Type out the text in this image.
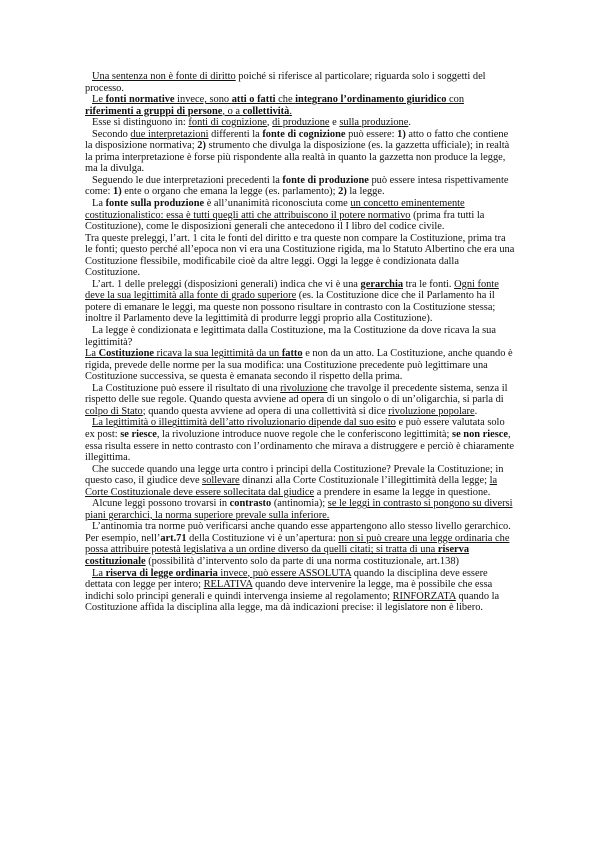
Una sentenza non è fonte di diritto poiché si riferisce al particolare; riguarda solo i soggetti del processo.

Le fonti normative invece, sono atti o fatti che integrano l’ordinamento giuridico con riferimenti a gruppi di persone, o a collettività.

Esse si distinguono in: fonti di cognizione, di produzione e sulla produzione.

Secondo due interpretazioni differenti la fonte di cognizione può essere: 1) atto o fatto che contiene la disposizione normativa; 2) strumento che divulga la disposizione (es. la gazzetta ufficiale); in realtà la prima interpretazione è forse più rispondente alla realtà in quanto la gazzetta non produce la legge, ma la divulga.

Seguendo le due interpretazioni precedenti la fonte di produzione può essere intesa rispettivamente come: 1) ente o organo che emana la legge (es. parlamento); 2) la legge.

La fonte sulla produzione è all’unanimità riconosciuta come un concetto eminentemente costituzionalistico: essa è tutti quegli atti che attribuiscono il potere normativo (prima fra tutti la Costituzione), come le disposizioni generali che antecedono il I libro del codice civile.

Tra queste preleggi, l’art. 1 cita le fonti del diritto e tra queste non compare la Costituzione, prima tra le fonti; questo perché all’epoca non vi era una Costituzione rigida, ma lo Statuto Albertino che era una Costituzione flessibile, modificabile cioè da altre leggi. Oggi la legge è condizionata dalla Costituzione.

L’art. 1 delle preleggi (disposizioni generali) indica che vi è una gerarchia tra le fonti. Ogni fonte deve la sua legittimità alla fonte di grado superiore (es. la Costituzione dice che il Parlamento ha il potere di emanare le leggi, ma queste non possono risultare in contrasto con la Costituzione stessa; inoltre il Parlamento deve la legittimità di produrre leggi proprio alla Costituzione).

La legge è condizionata e legittimata dalla Costituzione, ma la Costituzione da dove ricava la sua legittimità?

La Costituzione ricava la sua legittimità da un fatto e non da un atto. La Costituzione, anche quando è rigida, prevede delle norme per la sua modifica: una Costituzione precedente può legittimare una Costituzione successiva, se questa è emanata secondo il rispetto della prima.

La Costituzione può essere il risultato di una rivoluzione che travolge il precedente sistema, senza il rispetto delle sue regole. Quando questa avviene ad opera di un singolo o di un’oligarchia, si parla di colpo di Stato; quando questa avviene ad opera di una collettività si dice rivoluzione popolare.

La legittimità o illegittimità dell’atto rivoluzionario dipende dal suo esito e può essere valutata solo ex post: se riesce, la rivoluzione introduce nuove regole che le conferiscono legittimità; se non riesce, essa risulta essere in netto contrasto con l’ordinamento che mirava a distruggere e perciò è chiaramente illegittima.

Che succede quando una legge urta contro i principi della Costituzione? Prevale la Costituzione; in questo caso, il giudice deve sollevare dinanzi alla Corte Costituzionale l’illegittimità della legge; la Corte Costituzionale deve essere sollecitata dal giudice a prendere in esame la legge in questione.

Alcune leggi possono trovarsi in contrasto (antinomia); se le leggi in contrasto si pongono su diversi piani gerarchici, la norma superiore prevale sulla inferiore.

L’antinomia tra norme può verificarsi anche quando esse appartengono allo stesso livello gerarchico.

Per esempio, nell’art.71 della Costituzione vi è un’apertura: non si può creare una legge ordinaria che possa attribuire potestà legislativa a un ordine diverso da quelli citati; si tratta di una riserva costituzionale (possibilità d’intervento solo da parte di una norma costituzionale, art.138)

La riserva di legge ordinaria invece, può essere ASSOLUTA quando la disciplina deve essere dettata con legge per intero; RELATIVA quando deve intervenire la legge, ma è possibile che essa indichi solo principi generali e quindi intervenga insieme al regolamento; RINFORZATA quando la Costituzione affida la disciplina alla legge, ma dà indicazioni precise: il legislatore non è libero.
